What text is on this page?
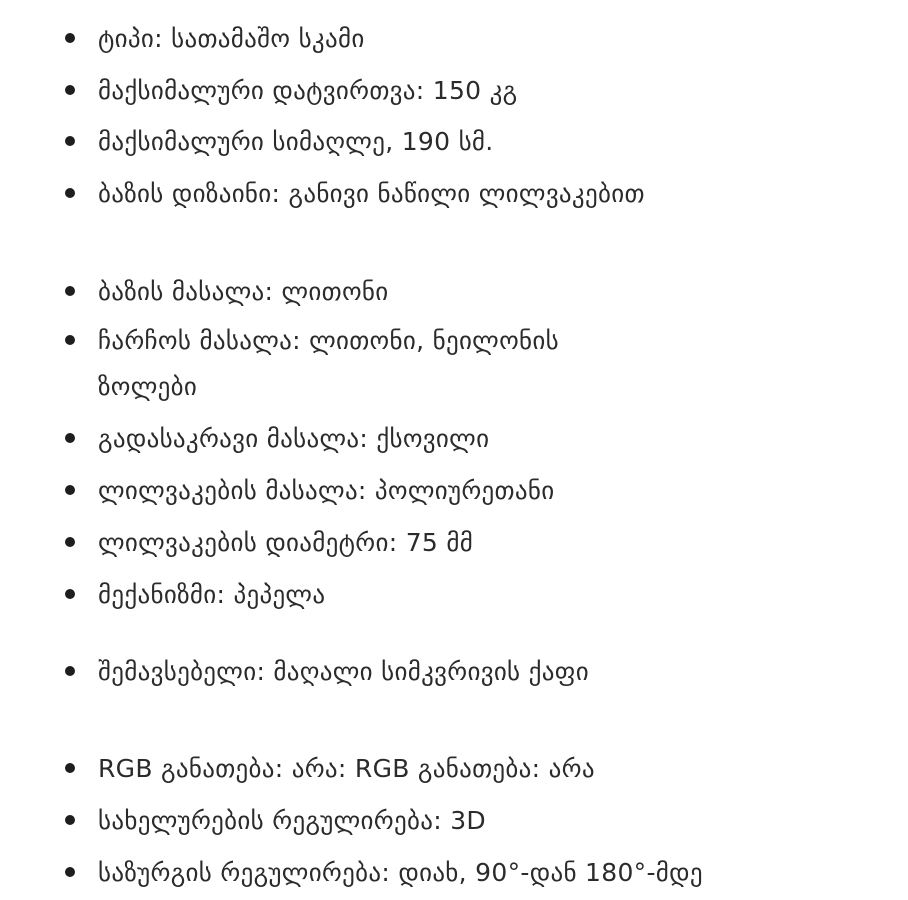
ტიპი: სათამაშო სკამი
მაქსიმალური დატვირთვა: 150 კგ
მაქსიმალური სიმაღლე, 190 სმ.
ბაზის დიზაინი: განივი ნაწილი ლილვაკებით
ბაზის მასალა: ლითონი
ჩარჩოს მასალა: ლითონი, ნეილონის ზოლები
გადასაკრავი მასალა: ქსოვილი
ლილვაკების მასალა: პოლიურეთანი
ლილვაკების დიამეტრი: 75 მმ
მექანიზმი: პეპელა
შემავსებელი: მაღალი სიმკვრივის ქაფი
RGB განათება: არა: RGB განათება: არა
სახელურების რეგულირება: 3D
საზურგის რეგულირება: დიახ, 90°-დან 180°-მდე
